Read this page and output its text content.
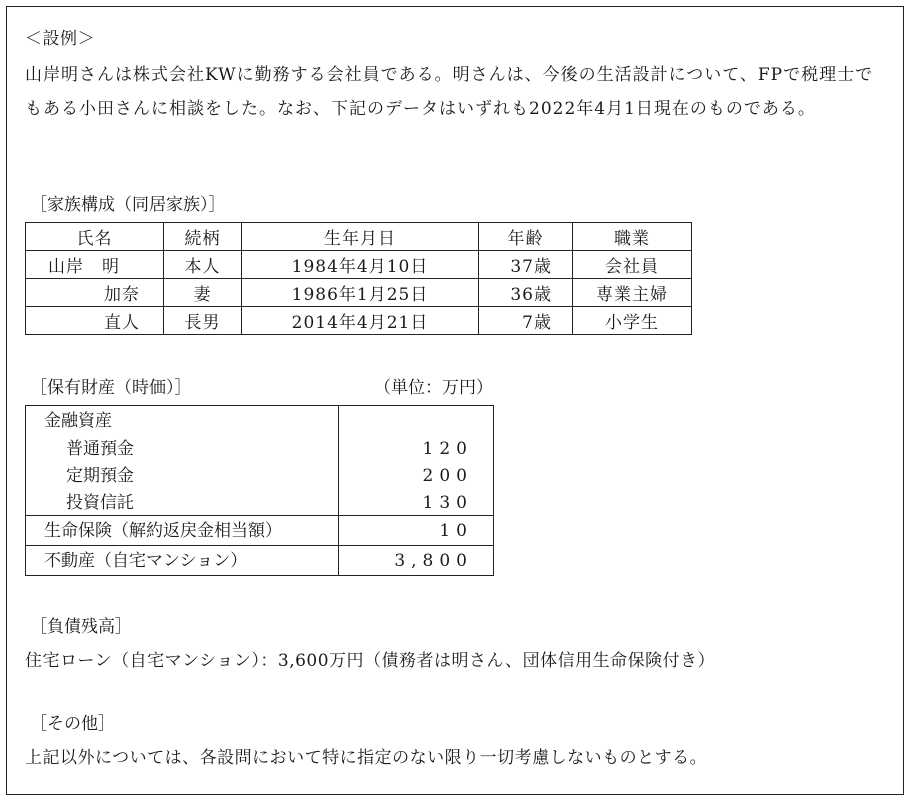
＜設例＞
山岸明さんは株式会社KWに勤務する会社員である。明さんは、今後の生活設計について、FPで税理士でもある小田さんに相談をした。なお、下記のデータはいずれも2022年4月1日現在のものである。
［家族構成（同居家族）］
氏名	続柄	生年月日	年齢	職業
山岸　明	本人	1984年4月10日	37歳	会社員
加奈	妻	1986年1月25日	36歳	専業主婦
直人	長男	2014年4月21日	7歳	小学生
［保有財産（時価）］	（単位：万円）
金融資産
普通預金	120
定期預金	200
投資信託	130
生命保険（解約返戻金相当額）	10
不動産（自宅マンション）	3,800
［負債残高］
住宅ローン（自宅マンション）：3,600万円（債務者は明さん、団体信用生命保険付き）
［その他］
上記以外については、各設問において特に指定のない限り一切考慮しないものとする。
